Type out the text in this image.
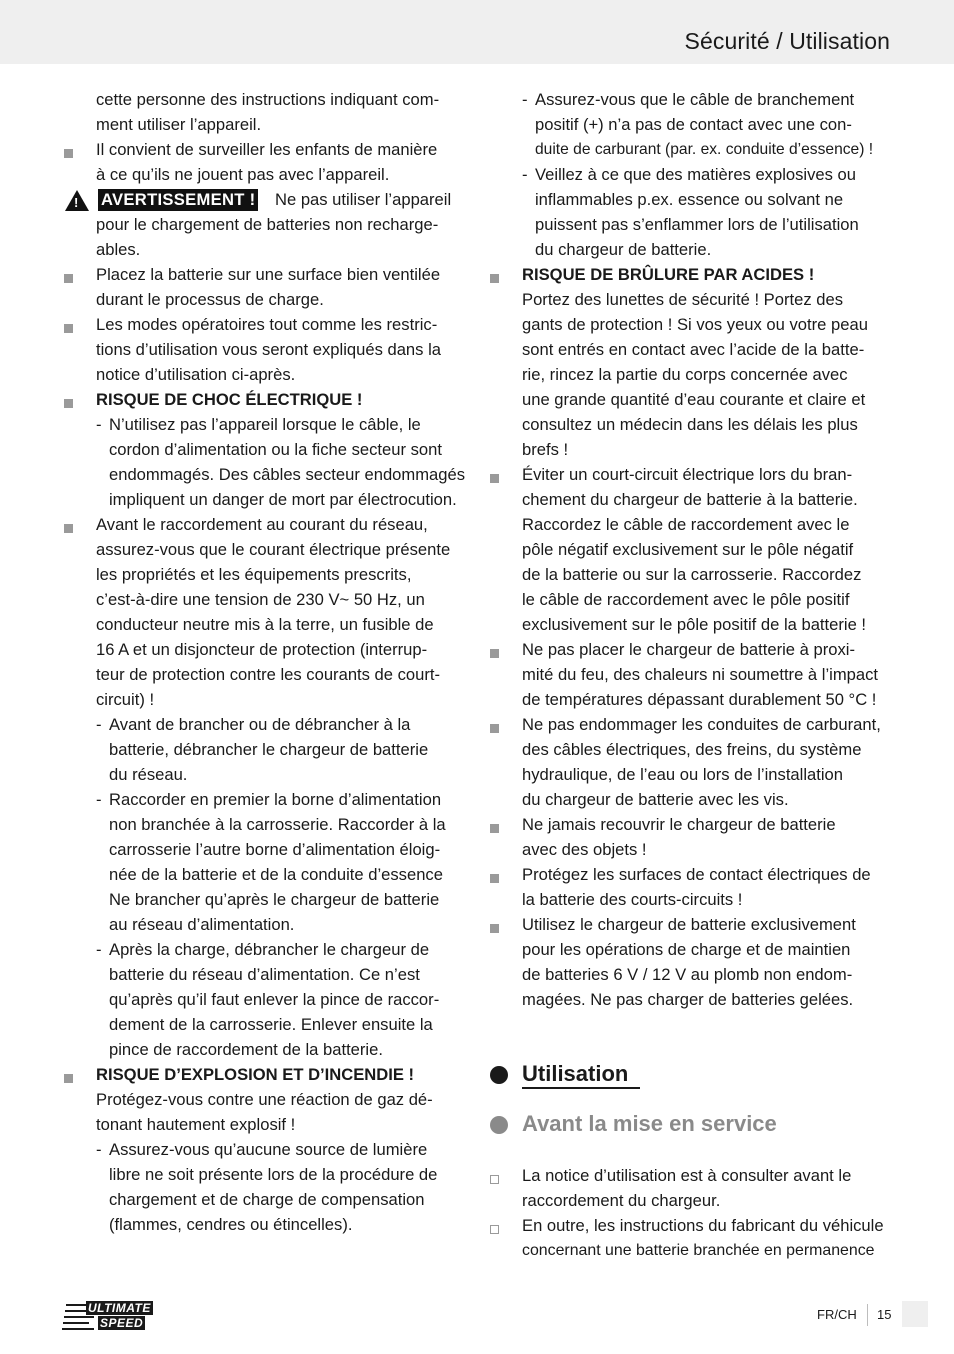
Sécurité / Utilisation
cette personne des instructions indiquant com-
ment utiliser l’appareil.
Il convient de surveiller les enfants de manière
à ce qu’ils ne jouent pas avec l’appareil.
! AVERTISSEMENT ! Ne pas utiliser l’appareil
pour le chargement de batteries non recharge-
ables.
Placez la batterie sur une surface bien ventilée
durant le processus de charge.
Les modes opératoires tout comme les restric-
tions d’utilisation vous seront expliqués dans la
notice d’utilisation ci-après.
RISQUE DE CHOC ÉLECTRIQUE !
- N’utilisez pas l’appareil lorsque le câble, le
cordon d’alimentation ou la fiche secteur sont
endommagés. Des câbles secteur endommagés
impliquent un danger de mort par électrocution.
Avant le raccordement au courant du réseau,
assurez-vous que le courant électrique présente
les propriétés et les équipements prescrits,
c’est-à-dire une tension de 230 V~ 50 Hz, un
conducteur neutre mis à la terre, un fusible de
16 A et un disjoncteur de protection (interrup-
teur de protection contre les courants de court-
circuit) !
- Avant de brancher ou de débrancher à la
batterie, débrancher le chargeur de batterie
du réseau.
- Raccorder en premier la borne d’alimentation
non branchée à la carrosserie. Raccorder à la
carrosserie l’autre borne d’alimentation éloig-
née de la batterie et de la conduite d’essence
Ne brancher qu’après le chargeur de batterie
au réseau d’alimentation.
- Après la charge, débrancher le chargeur de
batterie du réseau d’alimentation. Ce n’est
qu’après qu’il faut enlever la pince de raccor-
dement de la carrosserie. Enlever ensuite la
pince de raccordement de la batterie.
RISQUE D’EXPLOSION ET D’INCENDIE !
Protégez-vous contre une réaction de gaz dé-
tonant hautement explosif !
- Assurez-vous qu’aucune source de lumière
libre ne soit présente lors de la procédure de
chargement et de charge de compensation
(flammes, cendres ou étincelles).
- Assurez-vous que le câble de branchement
positif (+) n’a pas de contact avec une con-
duite de carburant (par. ex. conduite d’essence) !
- Veillez à ce que des matières explosives ou
inflammables p.ex. essence ou solvant ne
puissent pas s’enflammer lors de l’utilisation
du chargeur de batterie.
RISQUE DE BRÛLURE PAR ACIDES !
Portez des lunettes de sécurité ! Portez des
gants de protection ! Si vos yeux ou votre peau
sont entrés en contact avec l’acide de la batte-
rie, rincez la partie du corps concernée avec
une grande quantité d’eau courante et claire et
consultez un médecin dans les délais les plus
brefs !
Éviter un court-circuit électrique lors du bran-
chement du chargeur de batterie à la batterie.
Raccordez le câble de raccordement avec le
pôle négatif exclusivement sur le pôle négatif
de la batterie ou sur la carrosserie. Raccordez
le câble de raccordement avec le pôle positif
exclusivement sur le pôle positif de la batterie !
Ne pas placer le chargeur de batterie à proxi-
mité du feu, des chaleurs ni soumettre à l’impact
de températures dépassant durablement 50 °C !
Ne pas endommager les conduites de carburant,
des câbles électriques, des freins, du système
hydraulique, de l’eau ou lors de l’installation
du chargeur de batterie avec les vis.
Ne jamais recouvrir le chargeur de batterie
avec des objets !
Protégez les surfaces de contact électriques de
la batterie des courts-circuits !
Utilisez le chargeur de batterie exclusivement
pour les opérations de charge et de maintien
de batteries 6 V / 12 V au plomb non endom-
magées. Ne pas charger de batteries gelées.
Utilisation
Avant la mise en service
La notice d’utilisation est à consulter avant le
raccordement du chargeur.
En outre, les instructions du fabricant du véhicule
concernant une batterie branchée en permanence
ULTIMATE
SPEED
FR/CH 15
